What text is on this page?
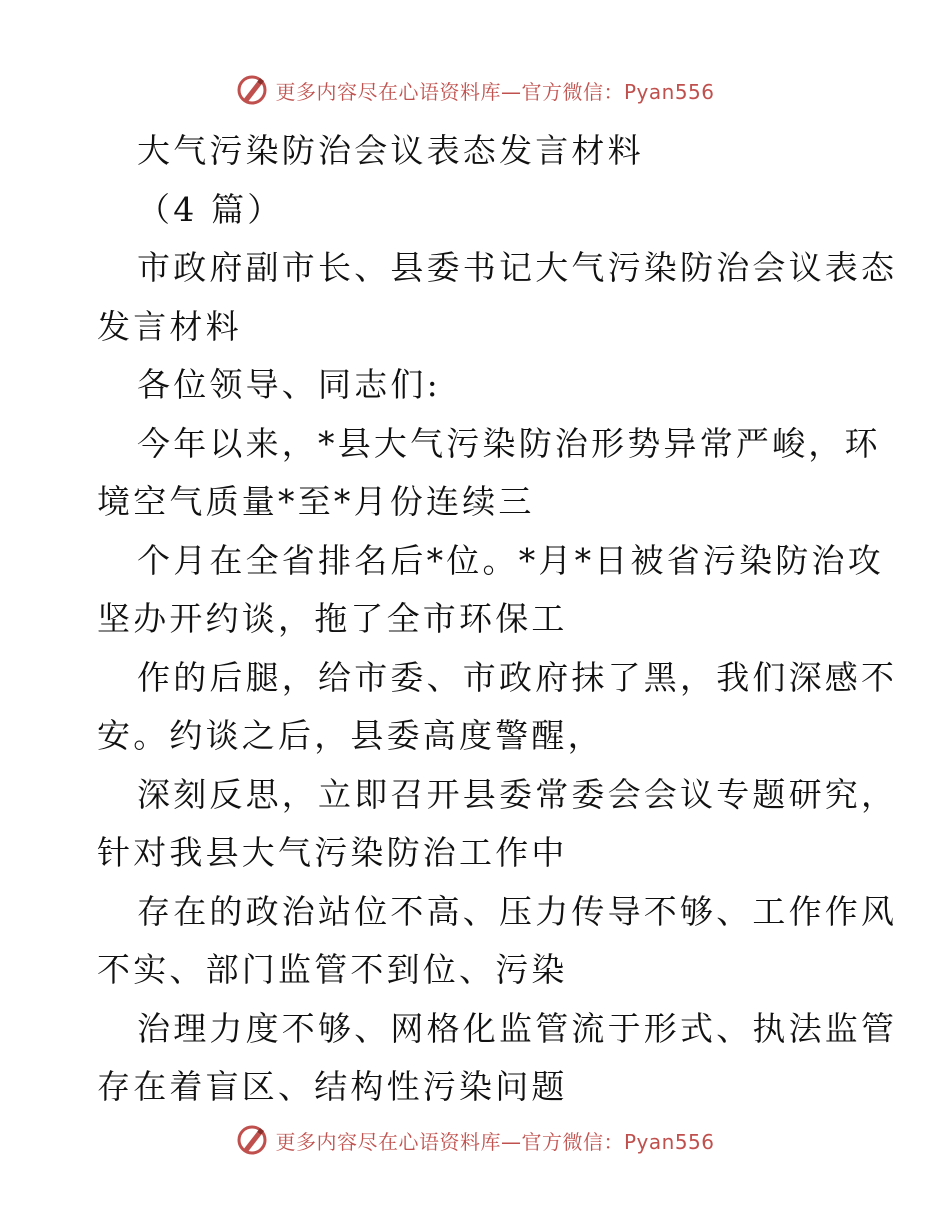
更多内容尽在心语资料库—官方微信：Pyan556

大气污染防治会议表态发言材料

（4 篇）

市政府副市长、县委书记大气污染防治会议表态

发言材料

各位领导、同志们:

今年以来，*县大气污染防治形势异常严峻，环

境空气质量*至*月份连续三

个月在全省排名后*位。*月*日被省污染防治攻

坚办开约谈，拖了全市环保工

作的后腿，给市委、市政府抹了黑，我们深感不

安。约谈之后，县委高度警醒，

深刻反思，立即召开县委常委会会议专题研究，

针对我县大气污染防治工作中

存在的政治站位不高、压力传导不够、工作作风

不实、部门监管不到位、污染

治理力度不够、网格化监管流于形式、执法监管

存在着盲区、结构性污染问题

更多内容尽在心语资料库—官方微信：Pyan556
